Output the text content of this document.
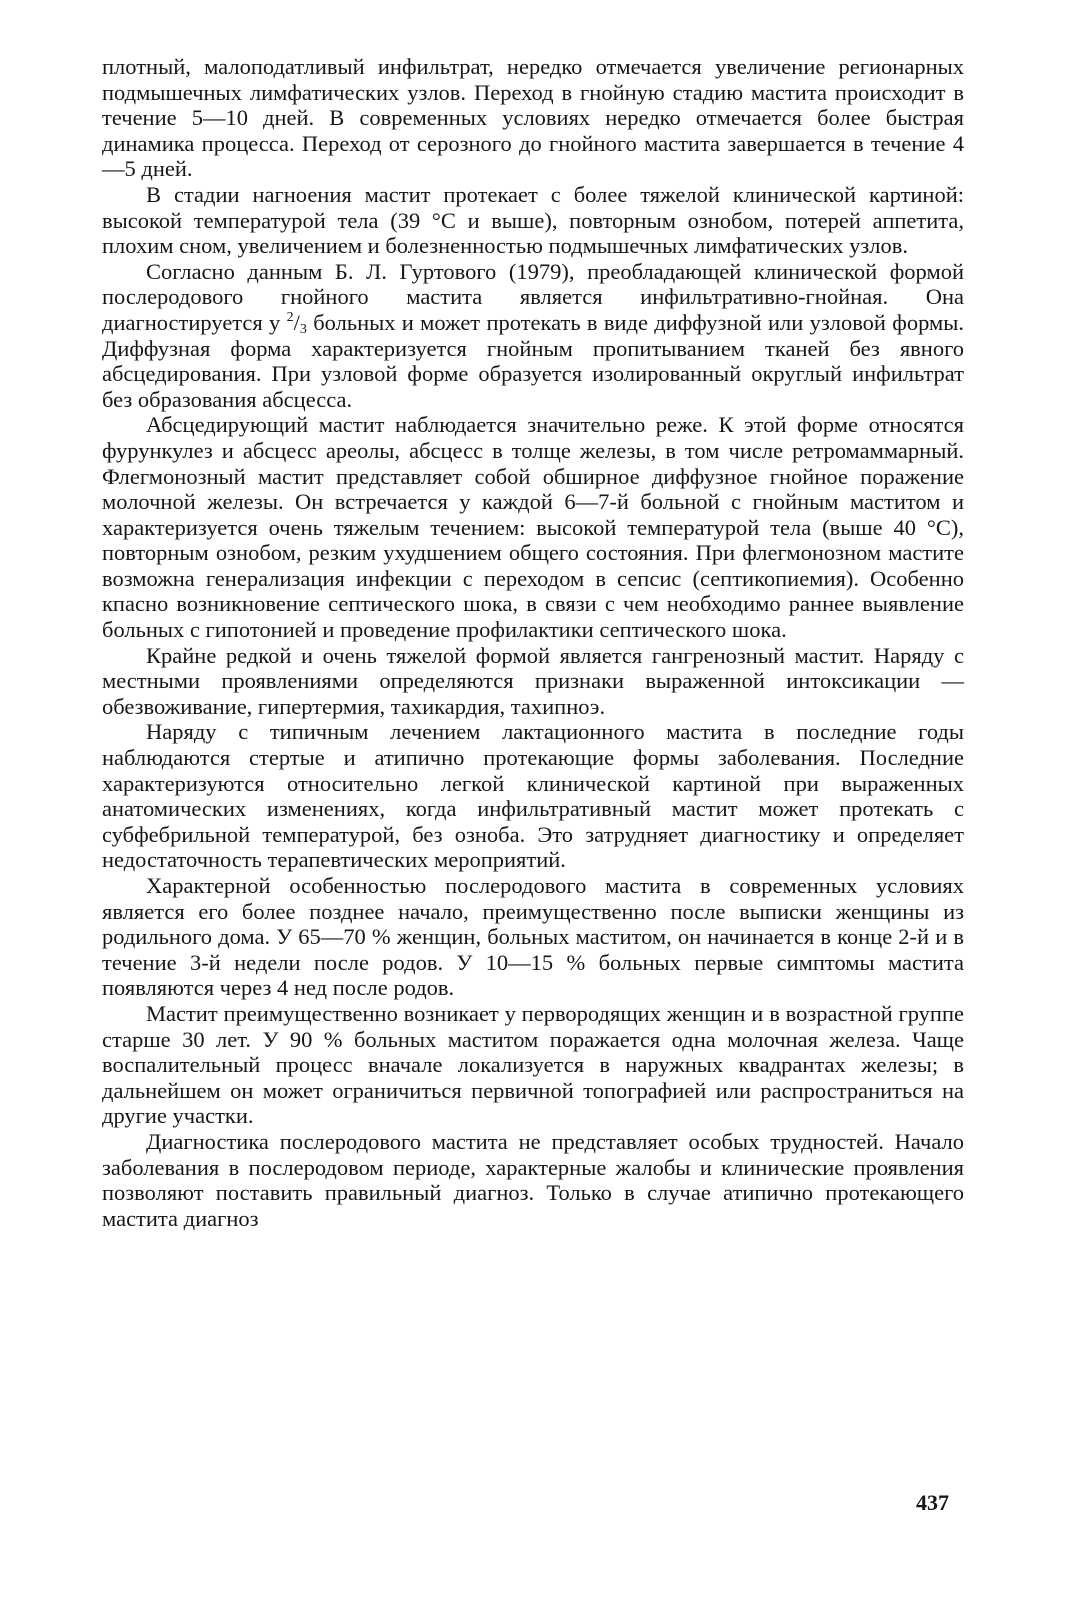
плотный, малоподатливый инфильтрат, нередко отмечается увеличение регионарных подмышечных лимфатических узлов. Переход в гнойную стадию мастита происходит в течение 5—10 дней. В современных условиях нередко отмечается более быстрая динамика процесса. Переход от серозного до гнойного мастита завершается в течение 4—5 дней.

В стадии нагноения мастит протекает с более тяжелой клинической картиной: высокой температурой тела (39 °С и выше), повторным ознобом, потерей аппетита, плохим сном, увеличением и болезненностью подмышечных лимфатических узлов.

Согласно данным Б. Л. Гуртового (1979), преобладающей клинической формой послеродового гнойного мастита является инфильтративно-гнойная. Она диагностируется у $^2/_3$ больных и может протекать в виде диффузной или узловой формы. Диффузная форма характеризуется гнойным пропитыванием тканей без явного абсцедирования. При узловой форме образуется изолированный округлый инфильтрат без образования абсцесса.

Абсцедирующий мастит наблюдается значительно реже. К этой форме относятся фурункулез и абсцесс ареолы, абсцесс в толще железы, в том числе ретромаммарный. Флегмонозный мастит представляет собой обширное диффузное гнойное поражение молочной железы. Он встречается у каждой 6—7-й больной с гнойным маститом и характеризуется очень тяжелым течением: высокой температурой тела (выше 40 °С), повторным ознобом, резким ухудшением общего состояния. При флегмонозном мастите возможна генерализация инфекции с переходом в сепсис (септикопиемия). Особенно кпасно возникновение септического шока, в связи с чем необходимо раннее выявление больных с гипотонией и проведение профилактики септического шока.

Крайне редкой и очень тяжелой формой является гангренозный мастит. Наряду с местными проявлениями определяются признаки выраженной интоксикации — обезвоживание, гипертермия, тахикардия, тахипноэ.

Наряду с типичным лечением лактационного мастита в последние годы наблюдаются стертые и атипично протекающие формы заболевания. Последние характеризуются относительно легкой клинической картиной при выраженных анатомических изменениях, когда инфильтративный мастит может протекать с субфебрильной температурой, без озноба. Это затрудняет диагностику и определяет недостаточность терапевтических мероприятий.

Характерной особенностью послеродового мастита в современных условиях является его более позднее начало, преимущественно после выписки женщины из родильного дома. У 65—70 % женщин, больных маститом, он начинается в конце 2-й и в течение 3-й недели после родов. У 10—15 % больных первые симптомы мастита появляются через 4 нед после родов.

Мастит преимущественно возникает у первородящих женщин и в возрастной группе старше 30 лет. У 90 % больных маститом поражается одна молочная железа. Чаще воспалительный процесс вначале локализуется в наружных квадрантах железы; в дальнейшем он может ограничиться первичной топографией или распространиться на другие участки.

Диагностика послеродового мастита не представляет особых трудностей. Начало заболевания в послеродовом периоде, характерные жалобы и клинические проявления позволяют поставить правильный диагноз. Только в случае атипично протекающего мастита диагноз

437
